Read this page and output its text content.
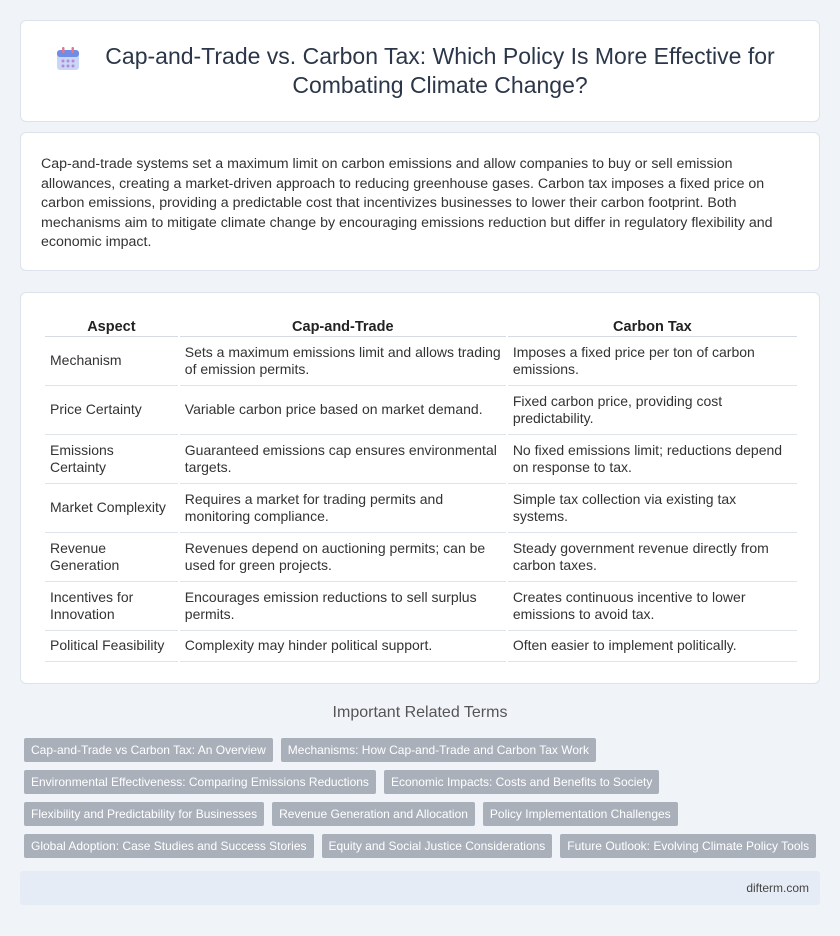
Cap-and-Trade vs. Carbon Tax: Which Policy Is More Effective for Combating Climate Change?

Cap-and-trade systems set a maximum limit on carbon emissions and allow companies to buy or sell emission allowances, creating a market-driven approach to reducing greenhouse gases. Carbon tax imposes a fixed price on carbon emissions, providing a predictable cost that incentivizes businesses to lower their carbon footprint. Both mechanisms aim to mitigate climate change by encouraging emissions reduction but differ in regulatory flexibility and economic impact.

Aspect	Cap-and-Trade	Carbon Tax
Mechanism	Sets a maximum emissions limit and allows trading of emission permits.	Imposes a fixed price per ton of carbon emissions.
Price Certainty	Variable carbon price based on market demand.	Fixed carbon price, providing cost predictability.
Emissions Certainty	Guaranteed emissions cap ensures environmental targets.	No fixed emissions limit; reductions depend on response to tax.
Market Complexity	Requires a market for trading permits and monitoring compliance.	Simple tax collection via existing tax systems.
Revenue Generation	Revenues depend on auctioning permits; can be used for green projects.	Steady government revenue directly from carbon taxes.
Incentives for Innovation	Encourages emission reductions to sell surplus permits.	Creates continuous incentive to lower emissions to avoid tax.
Political Feasibility	Complexity may hinder political support.	Often easier to implement politically.
Important Related Terms
Cap-and-Trade vs Carbon Tax: An Overview	Mechanisms: How Cap-and-Trade and Carbon Tax Work
Environmental Effectiveness: Comparing Emissions Reductions	Economic Impacts: Costs and Benefits to Society
Flexibility and Predictability for Businesses	Revenue Generation and Allocation	Policy Implementation Challenges
Global Adoption: Case Studies and Success Stories	Equity and Social Justice Considerations	Future Outlook: Evolving Climate Policy Tools
difterm.com
